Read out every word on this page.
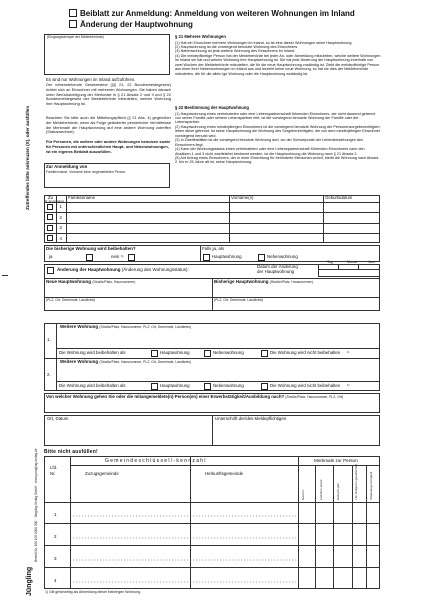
Beiblatt zur Anmeldung: Anmeldung von weiteren Wohnungen im Inland
Änderung der Hauptwohnung
Zutreffendes bitte ankreuzen (X), oder ausfüllen
Jüngling
Bestell-Nr. 100 109 1000 000 · Jüngling-Verlag GmbH · www.juengling-verlag.de
(Eingangsstempel der Meldebehörde)
Es sind nur Wohnungen im Inland aufzuführen.
Der nebenstehende Gesetzestext (§§ 21, 22 Bundesmeldegesetz) richtet sich an Einwohner mit mehreren Wohnungen. Sie haben danach unter Berücksichtigung der Merkmale in § 21 Absatz 2 und 3 und § 22 Bundesmeldegesetz der Meldebehörde mitzuteilen, welche Wohnung ihre Hauptwohnung ist.
Beachten Sie bitte auch die Mitteilungspflicht (§ 21 Abs. 4) gegenüber der Meldebehörde, wenn als Folge geänderter persönlicher Verhältnisse die Merkmale der Hauptwohnung auf eine andere Wohnung zutreffen (Statuswechsel).
Für Personen, die weitere oder andere Wohnungen benutzen sowie für Personen mit unterschiedlichen Haupt- und Nebenwohnungen, ist ein eigenes Beiblatt auszufüllen.
Zur Anmeldung von
Familienname, Vorname einer angemeldeten Person
§ 21 Mehrere Wohnungen
(1) Hat ein Einwohner mehrere Wohnungen im Inland, so ist eine dieser Wohnungen seine Hauptwohnung.
(2) Hauptwohnung ist die vorwiegend benutzte Wohnung des Einwohners.
(3) Nebenwohnung ist jede weitere Wohnung des Einwohners im Inland.
(4) Die meldepflichtige Person hat der Meldebehörde bei jeder An- oder Abmeldung mitzuteilen, welche weitere Wohnungen im Inland sie hat und welche Wohnung ihre Hauptwohnung ist. Sie hat jede Änderung der Hauptwohnung innerhalb von zwei Wochen der Meldebehörde mitzuteilen, die für die neue Hauptwohnung zuständig ist. Zieht die meldepflichtige Person aus einer ihrer Nebenwohnungen im Inland aus und bezieht keine neue Wohnung, so hat sie dies der Meldebehörde mitzuteilen, die für die allein ige Wohnung oder die Hauptwohnung zuständig ist.
§ 22 Bestimmung der Hauptwohnung
(1) Hauptwohnung eines verheirateten oder eine Lebenspartnerschaft führenden Einwohners, der nicht dauernd getrennt von seiner Familie oder seinem Lebenspartner lebt, ist die vorwiegend benutzte Wohnung der Familie oder der Lebenspartner.
(2) Hauptwohnung eines minderjährigen Einwohners ist die vorwiegend benutzte Wohnung der Personensorgeberechtigten; leben diese getrennt, ist seine Hauptwohnung die Wohnung des Sorgeberechtigten, die von dem minderjährigen Einwohner vorwiegend benutzt wird.
(3) In Zweifelsfällen ist die vorwiegend benutzte Wohnung dort, wo der Schwerpunkt der Lebensbeziehungen des Einwohners liegt.
(4) Kann der Wohnungsstatus eines verheirateten oder eine Lebenspartnerschaft führenden Einwohners nach den Absätzen 1 und 3 nicht zweifelsfrei bestimmt werden, ist die Hauptwohnung die Wohnung nach § 21 Absatz 2.
(5) Auf Antrag eines Einwohners, der in einer Einrichtung für behinderte Menschen wohnt, bleibt die Wohnung nach Absatz 2, bis er 25 Jahre alt ist, seine Hauptwohnung.
Zu
Nr. der Anmeldung
Familienname	Vorname(n)	Geburtsdatum
1
2
3
4
Die bisherige Wohnung wird beibehalten?
ja	nein 1)
Falls ja, als
Hauptwohnung	Nebenwohnung
Änderung der Hauptwohnung (Änderung des Wohnungsstatus):
Datum der Änderung
der Hauptwohnung
Tag	Monat	Jahr
Neue Hauptwohnung (Straße/Platz, Hausnummer)	Bisherige Hauptwohnung (Straße/Platz, Hausnummer)
(PLZ, Ort, Gemeinde, Landkreis)	(PLZ, Ort, Gemeinde, Landkreis)
Weitere Wohnung (Straße/Platz, Hausnummer, PLZ, Ort, Gemeinde, Landkreis)
1.
Die Wohnung wird beibehalten als	Hauptwohnung	Nebenwohnung	Die Wohnung wird nicht beibehalten 1)
Weitere Wohnung (Straße/Platz, Hausnummer, PLZ, Ort, Gemeinde, Landkreis)
2.
Die Wohnung wird beibehalten als	Hauptwohnung	Nebenwohnung	Die Wohnung wird nicht beibehalten 1)
Von welcher Wohnung gehen Sie oder die mitangemeldete(n) Person(en) einer Erwerbstätigkeit/Ausbildung nach? (Straße/Platz, Hausnummer, PLZ, Ort)
Ort, Datum	Unterschrift der/des Meldepflichtigen
Bitte nicht ausfüllen!
Gemeindeschlüssel/-kennzahl
Zuzugsgemeinde	Herkunftsgemeinde
Merkmale zur Person
Lfd.
Nr.
Geschl.	Familien-stand	Geburts-jahr	Lfd. Religions-gesellschaft	Staatsange-hörigkeit
1
2
3
4
1) Gilt gleichzeitig als Abmeldung dieser bisherigen Wohnung.
